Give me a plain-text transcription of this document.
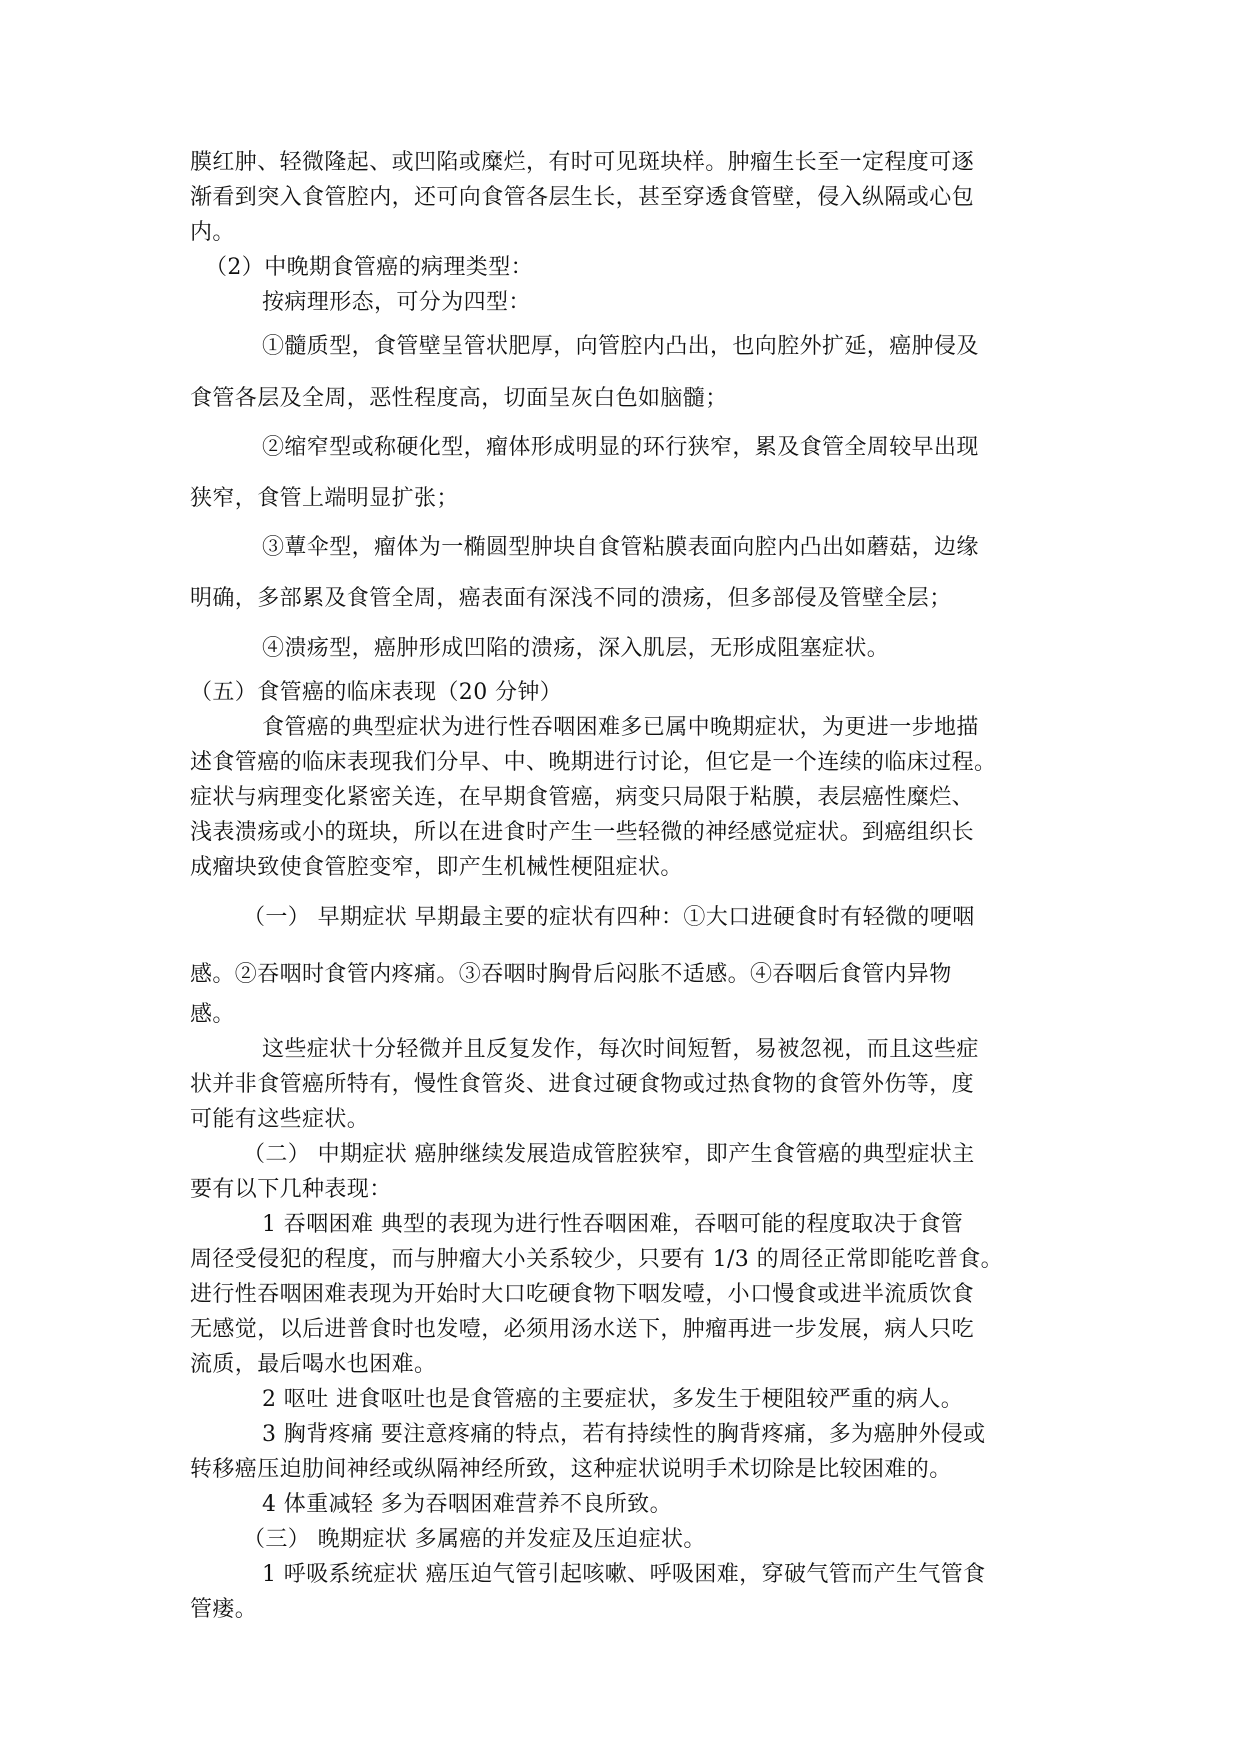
膜红肿、轻微隆起、或凹陷或糜烂，有时可见斑块样。肿瘤生长至一定程度可逐
渐看到突入食管腔内，还可向食管各层生长，甚至穿透食管壁，侵入纵隔或心包
内。
（2）中晚期食管癌的病理类型：
按病理形态，可分为四型：
①髓质型，食管壁呈管状肥厚，向管腔内凸出，也向腔外扩延，癌肿侵及
食管各层及全周，恶性程度高，切面呈灰白色如脑髓；
②缩窄型或称硬化型，瘤体形成明显的环行狭窄，累及食管全周较早出现
狭窄，食管上端明显扩张；
③蕈伞型，瘤体为一椭圆型肿块自食管粘膜表面向腔内凸出如蘑菇，边缘
明确，多部累及食管全周，癌表面有深浅不同的溃疡，但多部侵及管壁全层；
④溃疡型，癌肿形成凹陷的溃疡，深入肌层，无形成阻塞症状。
（五）食管癌的临床表现（20 分钟）
食管癌的典型症状为进行性吞咽困难多已属中晚期症状，为更进一步地描
述食管癌的临床表现我们分早、中、晚期进行讨论，但它是一个连续的临床过程。
症状与病理变化紧密关连，在早期食管癌，病变只局限于粘膜，表层癌性糜烂、
浅表溃疡或小的斑块，所以在进食时产生一些轻微的神经感觉症状。到癌组织长
成瘤块致使食管腔变窄，即产生机械性梗阻症状。
（一） 早期症状 早期最主要的症状有四种：①大口进硬食时有轻微的哽咽
感。②吞咽时食管内疼痛。③吞咽时胸骨后闷胀不适感。④吞咽后食管内异物
感。
这些症状十分轻微并且反复发作，每次时间短暂，易被忽视，而且这些症
状并非食管癌所特有，慢性食管炎、进食过硬食物或过热食物的食管外伤等，度
可能有这些症状。
（二） 中期症状 癌肿继续发展造成管腔狭窄，即产生食管癌的典型症状主
要有以下几种表现：
1 吞咽困难 典型的表现为进行性吞咽困难，吞咽可能的程度取决于食管
周径受侵犯的程度，而与肿瘤大小关系较少，只要有 1/3 的周径正常即能吃普食。
进行性吞咽困难表现为开始时大口吃硬食物下咽发噎，小口慢食或进半流质饮食
无感觉，以后进普食时也发噎，必须用汤水送下，肿瘤再进一步发展，病人只吃
流质，最后喝水也困难。
2 呕吐 进食呕吐也是食管癌的主要症状，多发生于梗阻较严重的病人。
3 胸背疼痛 要注意疼痛的特点，若有持续性的胸背疼痛，多为癌肿外侵或
转移癌压迫肋间神经或纵隔神经所致，这种症状说明手术切除是比较困难的。
4 体重减轻 多为吞咽困难营养不良所致。
（三） 晚期症状 多属癌的并发症及压迫症状。
1 呼吸系统症状 癌压迫气管引起咳嗽、呼吸困难，穿破气管而产生气管食
管瘘。
